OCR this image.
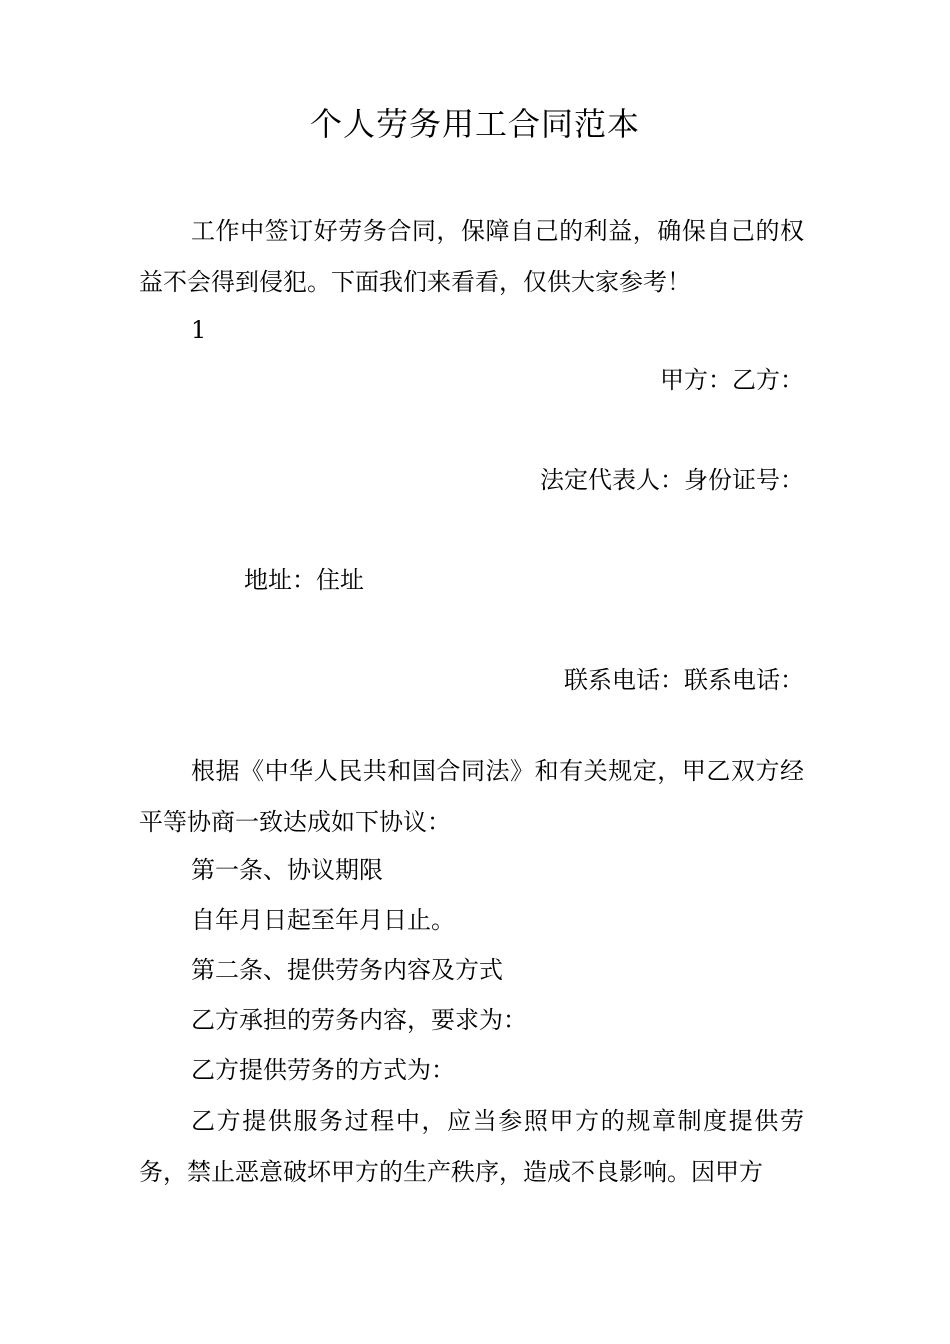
个人劳务用工合同范本

工作中签订好劳务合同，保障自己的利益，确保自己的权益不会得到侵犯。下面我们来看看，仅供大家参考！

1
甲方：乙方：
法定代表人：身份证号：
地址：住址
联系电话：联系电话：

根据《中华人民共和国合同法》和有关规定，甲乙双方经平等协商一致达成如下协议：

第一条、协议期限
自年月日起至年月日止。
第二条、提供劳务内容及方式
乙方承担的劳务内容，要求为：
乙方提供劳务的方式为：

乙方提供服务过程中，应当参照甲方的规章制度提供劳务，禁止恶意破坏甲方的生产秩序，造成不良影响。因甲方
